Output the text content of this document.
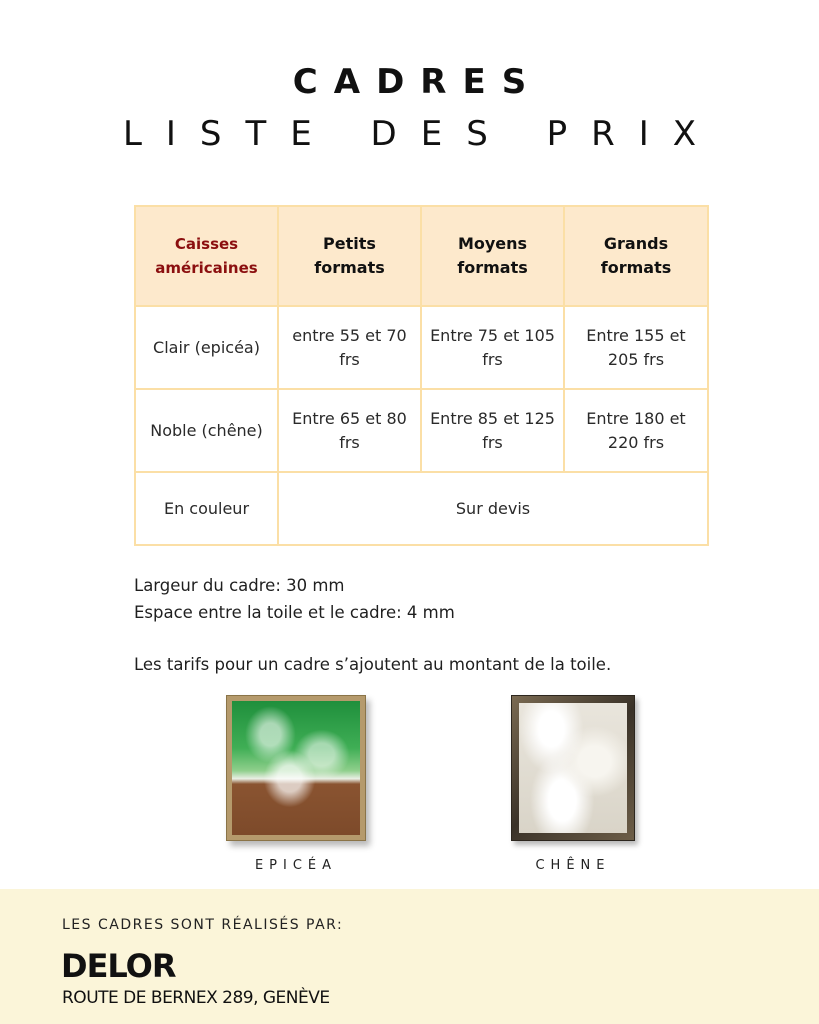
CADRES
LISTE DES PRIX
Caisses américaines	Petits formats	Moyens formats	Grands formats
Clair (epicéa)	entre 55 et 70 frs	Entre 75 et 105 frs	Entre 155 et 205 frs
Noble (chêne)	Entre 65 et 80 frs	Entre 85 et 125 frs	Entre 180 et 220 frs
En couleur	Sur devis		
Largeur du cadre: 30 mm
Espace entre la toile et le cadre: 4 mm
Les tarifs pour un cadre s’ajoutent au montant de la toile.
EPICÉA	CHÊNE
LES CADRES SONT RÉALISÉS PAR:
DELOR
ROUTE DE BERNEX 289, GENÈVE
